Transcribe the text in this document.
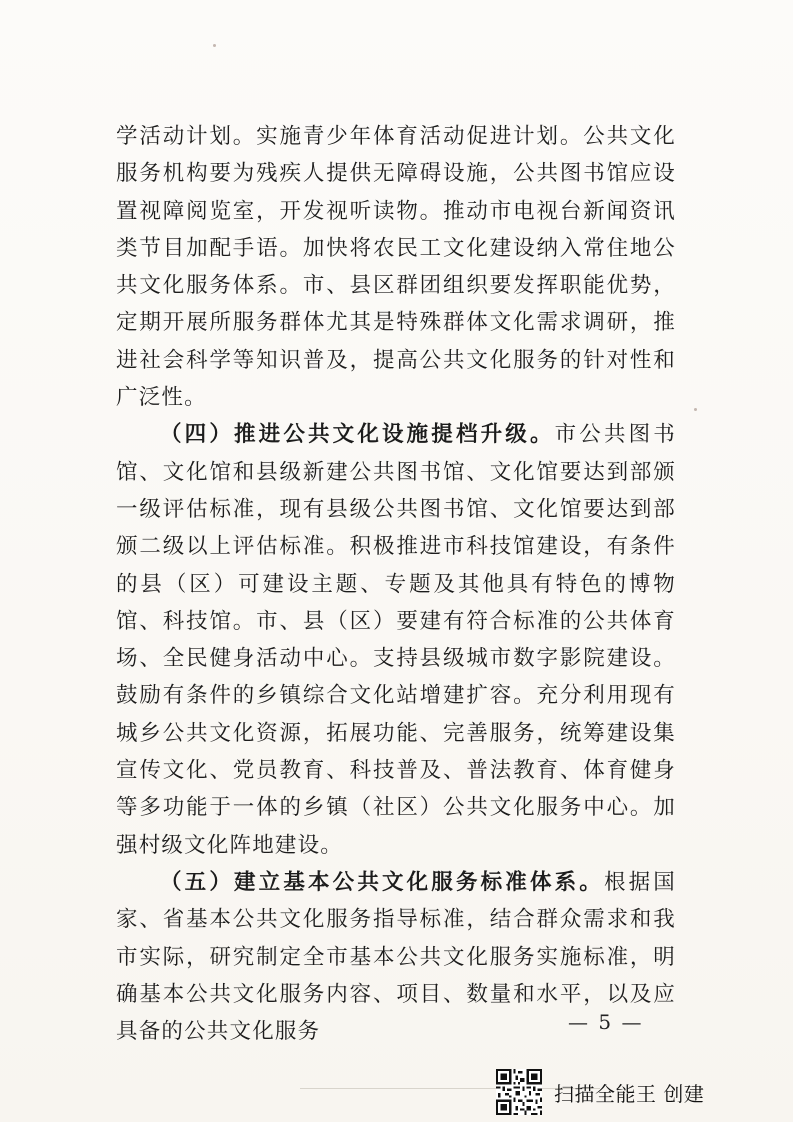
学活动计划。实施青少年体育活动促进计划。公共文化服务机构要为残疾人提供无障碍设施，公共图书馆应设置视障阅览室，开发视听读物。推动市电视台新闻资讯类节目加配手语。加快将农民工文化建设纳入常住地公共文化服务体系。市、县区群团组织要发挥职能优势，定期开展所服务群体尤其是特殊群体文化需求调研，推进社会科学等知识普及，提高公共文化服务的针对性和广泛性。

（四）推进公共文化设施提档升级。市公共图书馆、文化馆和县级新建公共图书馆、文化馆要达到部颁一级评估标准，现有县级公共图书馆、文化馆要达到部颁二级以上评估标准。积极推进市科技馆建设，有条件的县（区）可建设主题、专题及其他具有特色的博物馆、科技馆。市、县（区）要建有符合标准的公共体育场、全民健身活动中心。支持县级城市数字影院建设。鼓励有条件的乡镇综合文化站增建扩容。充分利用现有城乡公共文化资源，拓展功能、完善服务，统筹建设集宣传文化、党员教育、科技普及、普法教育、体育健身等多功能于一体的乡镇（社区）公共文化服务中心。加强村级文化阵地建设。

（五）建立基本公共文化服务标准体系。根据国家、省基本公共文化服务指导标准，结合群众需求和我市实际，研究制定全市基本公共文化服务实施标准，明确基本公共文化服务内容、项目、数量和水平，以及应具备的公共文化服务	— 5 —
扫描全能王 创建
